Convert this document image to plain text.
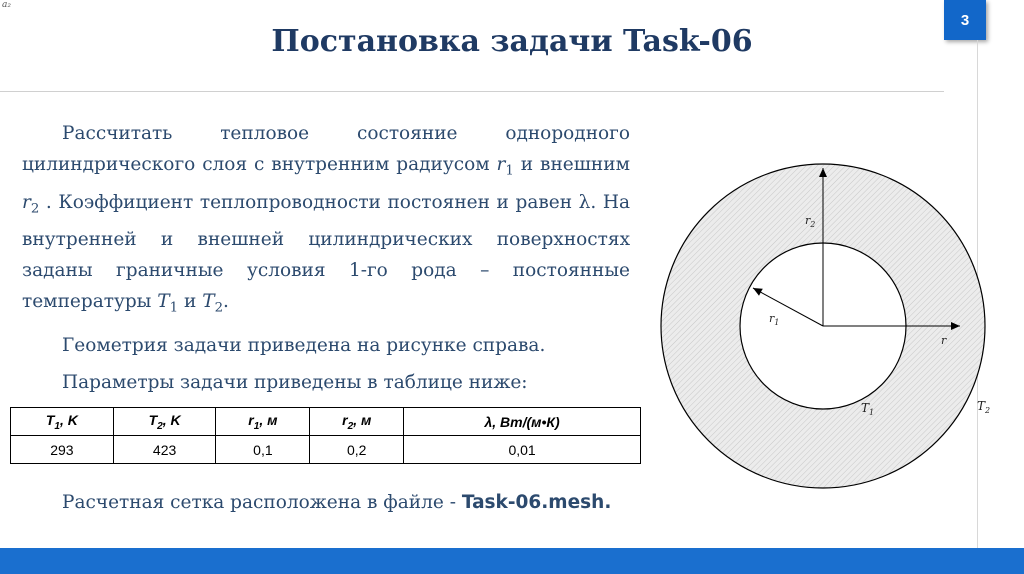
a₂
Постановка задачи Task-06
3

Рассчитать тепловое состояние однородного цилиндрического слоя с внутренним радиусом $r_1$ и внешним $r_2$ . Коэффициент теплопроводности постоянен и равен λ. На внутренней и внешней цилиндрических поверхностях заданы граничные условия 1-го рода – постоянные температуры $T_1$ и $T_2$.

Геометрия задачи приведена на рисунке справа.

Параметры задачи приведены в таблице ниже:

$T_1$, K	$T_2$, K	$r_1$, м	$r_2$, м	λ, Вт/(м•К)
293	423	0,1	0,2	0,01

Расчетная сетка расположена в файле - Task-06.mesh.

$r_2$
$r_1$
r
$T_1$	$T_2$
